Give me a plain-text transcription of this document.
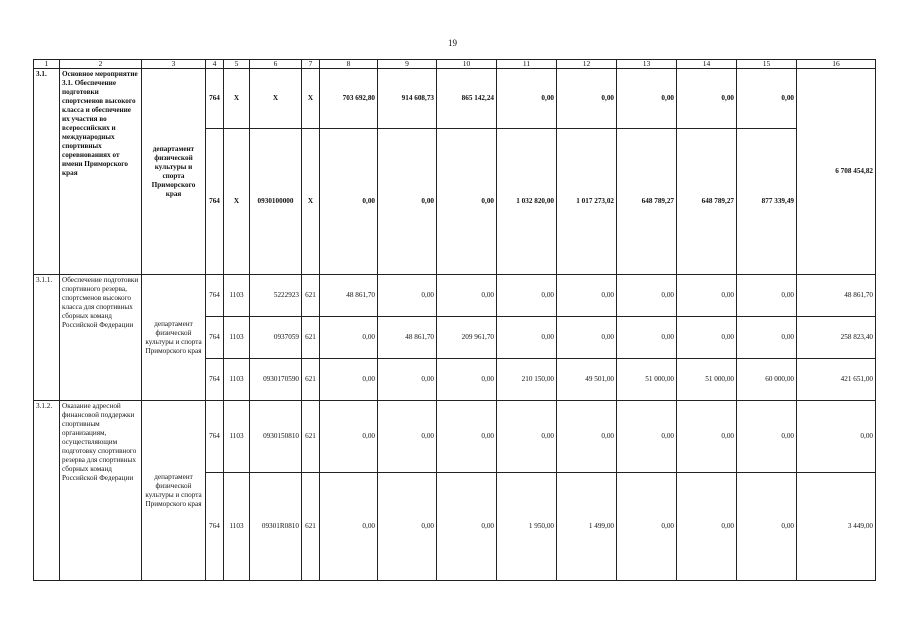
19
1	2	3	4	5	6	7	8	9	10	11	12	13	14	15	16
3.1.	Основное мероприятие 3.1. Обеспечение подготовки спортсменов высокого класса и обеспечение их участия во всероссийских и международных спортивных соревнованиях от имени Приморского края	департамент физической культуры и спорта Приморского края	764	Х	Х	Х	703 692,80	914 608,73	865 142,24	0,00	0,00	0,00	0,00	0,00	6 708 454,82
			764	Х	0930100000	Х	0,00	0,00	0,00	1 032 820,00	1 017 273,02	648 789,27	648 789,27	877 339,49	
3.1.1.	Обеспечение подготовки спортивного резерва, спортсменов высокого класса для спортивных сборных команд Российской Федерации	департамент физической культуры и спорта Приморского края	764	1103	5222923	621	48 861,70	0,00	0,00	0,00	0,00	0,00	0,00	0,00	48 861,70
			764	1103	0937059	621	0,00	48 861,70	209 961,70	0,00	0,00	0,00	0,00	0,00	258 823,40
			764	1103	0930170590	621	0,00	0,00	0,00	210 150,00	49 501,00	51 000,00	51 000,00	60 000,00	421 651,00
3.1.2.	Оказание адресной финансовой поддержки спортивным организациям, осуществляющим подготовку спортивного резерва для спортивных сборных команд Российской Федерации	департамент физической культуры и спорта Приморского края	764	1103	0930150810	621	0,00	0,00	0,00	0,00	0,00	0,00	0,00	0,00	0,00
			764	1103	09301R0810	621	0,00	0,00	0,00	1 950,00	1 499,00	0,00	0,00	0,00	3 449,00
